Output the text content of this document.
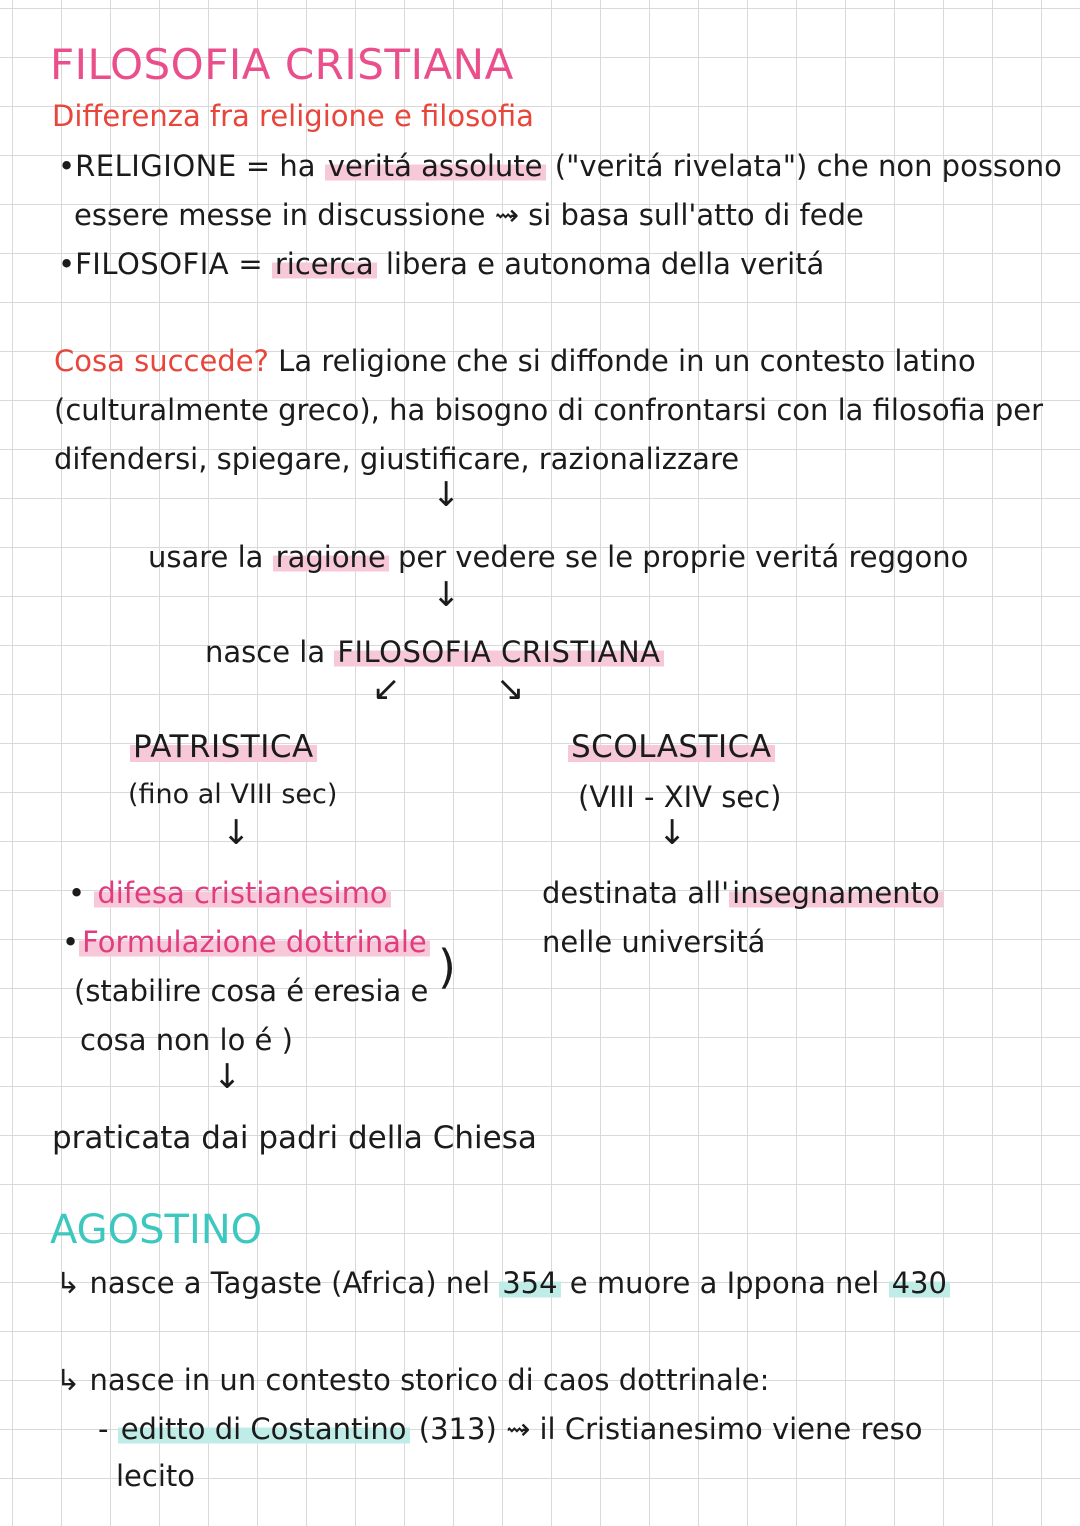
FILOSOFIA CRISTIANA
Differenza fra religione e filosofia
•RELIGIONE = ha veritá assolute ("veritá rivelata") che non possono
essere messe in discussione ⇝ si basa sull'atto di fede
•FILOSOFIA = ricerca libera e autonoma della veritá
Cosa succede? La religione che si diffonde in un contesto latino
(culturalmente greco), ha bisogno di confrontarsi con la filosofia per
difendersi, spiegare, giustificare, razionalizzare
↓
usare la ragione per vedere se le proprie veritá reggono
↓
nasce la FILOSOFIA CRISTIANA
↙	↘
PATRISTICA
(fino al VIII sec)
↓
• difesa cristianesimo
• Formulazione dottrinale )
(stabilire cosa é eresia e
cosa non lo é )
↓
praticata dai padri della Chiesa
SCOLASTICA
(VIII - XIV sec)
↓
destinata all' insegnamento
nelle universitá
AGOSTINO
↳ nasce a Tagaste (Africa) nel 354 e muore a Ippona nel 430
↳ nasce in un contesto storico di caos dottrinale:
- editto di Costantino (313) ⇝ il Cristianesimo viene reso
lecito
